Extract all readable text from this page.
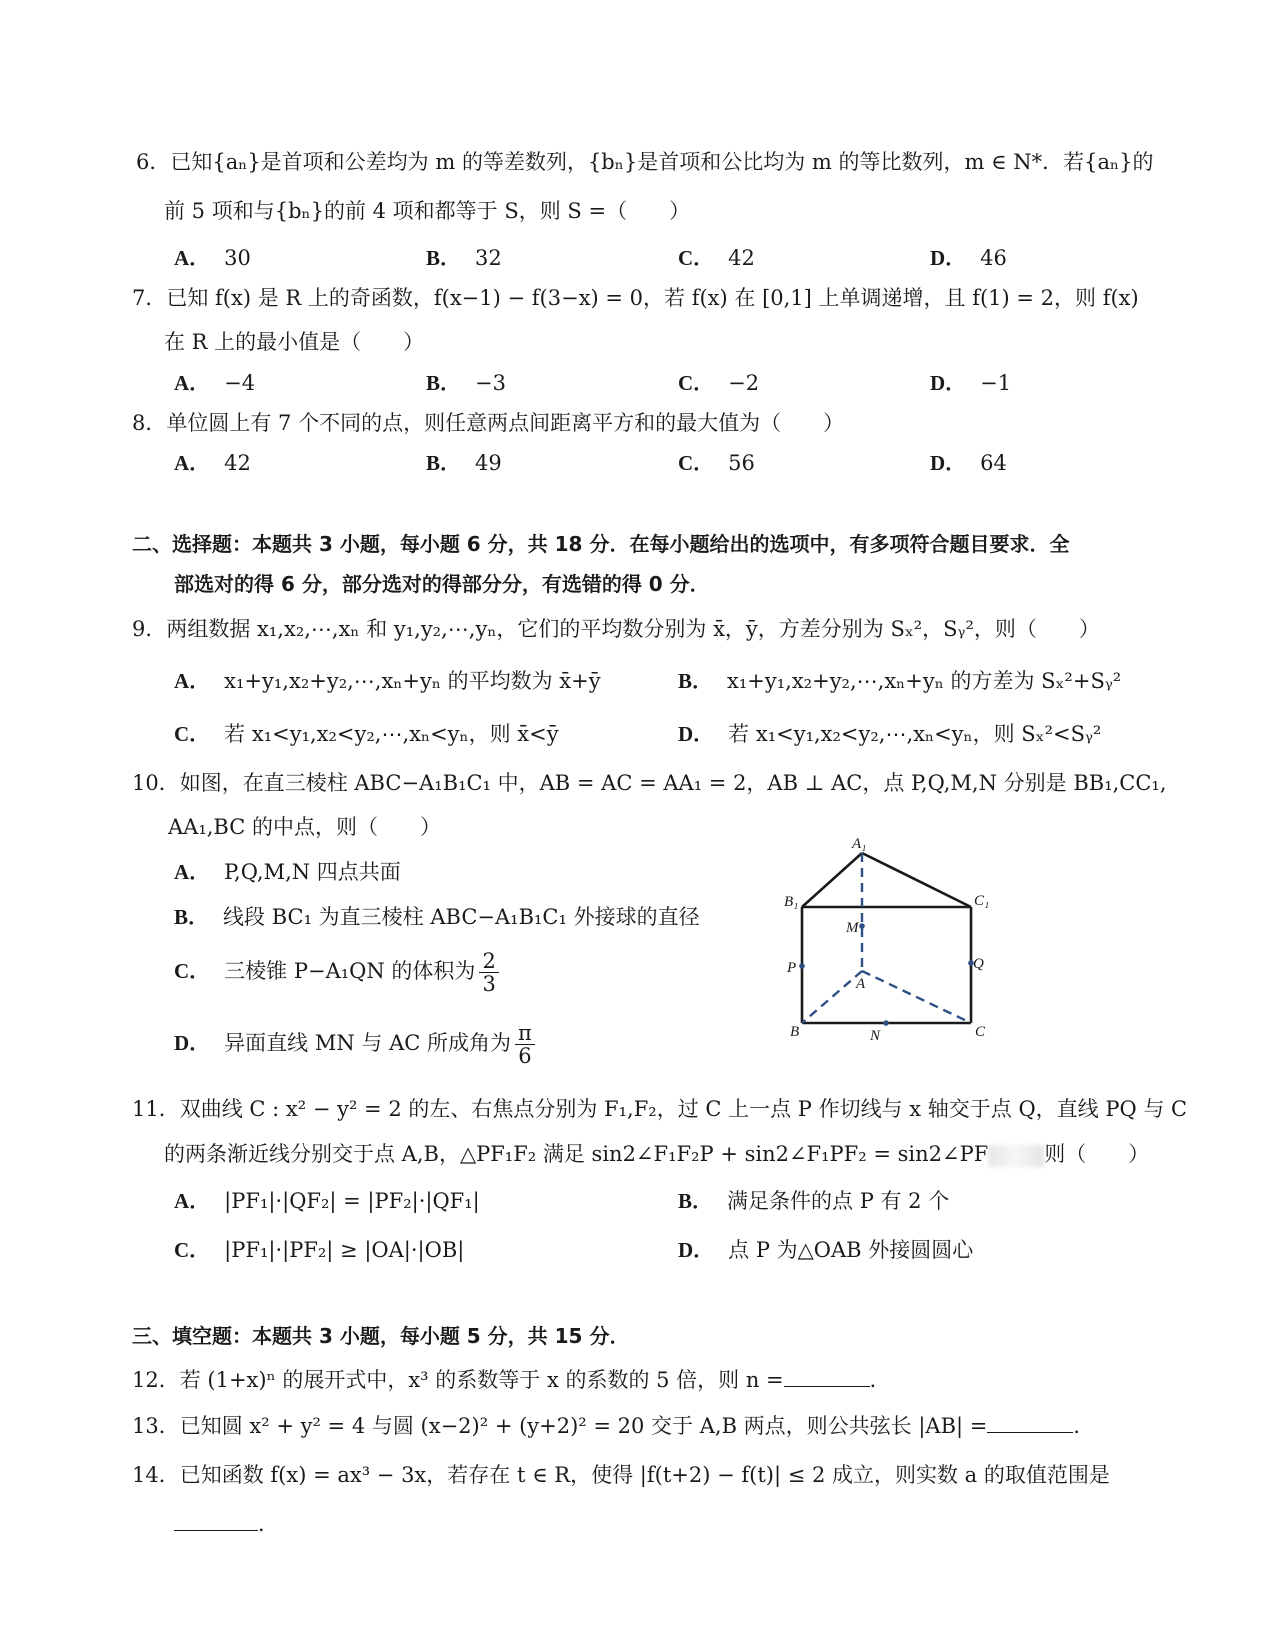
6．已知{aₙ}是首项和公差均为 m 的等差数列，{bₙ}是首项和公比均为 m 的等比数列，m ∈ N*．若{aₙ}的
前 5 项和与{bₙ}的前 4 项和都等于 S，则 S =（　　）
A． 30	B． 32	C． 42	D． 46
7．已知 f(x) 是 R 上的奇函数，f(x−1) − f(3−x) = 0，若 f(x) 在 [0,1] 上单调递增，且 f(1) = 2，则 f(x)
在 R 上的最小值是（　　）
A． −4	B． −3	C． −2	D． −1
8．单位圆上有 7 个不同的点，则任意两点间距离平方和的最大值为（　　）
A． 42	B． 49	C． 56	D． 64
二、选择题：本题共 3 小题，每小题 6 分，共 18 分．在每小题给出的选项中，有多项符合题目要求．全
部选对的得 6 分，部分选对的得部分分，有选错的得 0 分．
9．两组数据 x₁,x₂,⋯,xₙ 和 y₁,y₂,⋯,yₙ，它们的平均数分别为 x̄，ȳ，方差分别为 Sₓ²，Sᵧ²，则（　　）
A． x₁+y₁,x₂+y₂,⋯,xₙ+yₙ 的平均数为 x̄+ȳ	B． x₁+y₁,x₂+y₂,⋯,xₙ+yₙ 的方差为 Sₓ²+Sᵧ²
C． 若 x₁<y₁,x₂<y₂,⋯,xₙ<yₙ，则 x̄<ȳ	D． 若 x₁<y₁,x₂<y₂,⋯,xₙ<yₙ，则 Sₓ²<Sᵧ²
10．如图，在直三棱柱 ABC−A₁B₁C₁ 中，AB = AC = AA₁ = 2，AB ⊥ AC，点 P,Q,M,N 分别是 BB₁,CC₁,
AA₁,BC 的中点，则（　　）
A． P,Q,M,N 四点共面
B． 线段 BC₁ 为直三棱柱 ABC−A₁B₁C₁ 外接球的直径
C． 三棱锥 P−A₁QN 的体积为 $\frac{2}{3}$
D． 异面直线 MN 与 AC 所成角为 $\frac{\pi}{6}$
A₁
B₁	C₁
M
P	Q
A
B	N	C
11．双曲线 C : x² − y² = 2 的左、右焦点分别为 F₁,F₂，过 C 上一点 P 作切线与 x 轴交于点 Q，直线 PQ 与 C
的两条渐近线分别交于点 A,B，△PF₁F₂ 满足 sin2∠F₁F₂P + sin2∠F₁PF₂ = sin2∠PF	则（　　）
A． |PF₁|·|QF₂| = |PF₂|·|QF₁|	B． 满足条件的点 P 有 2 个
C． |PF₁|·|PF₂| ≥ |OA|·|OB|	D． 点 P 为△OAB 外接圆圆心
三、填空题：本题共 3 小题，每小题 5 分，共 15 分．
12．若 (1+x)ⁿ 的展开式中，x³ 的系数等于 x 的系数的 5 倍，则 n =	．
13．已知圆 x² + y² = 4 与圆 (x−2)² + (y+2)² = 20 交于 A,B 两点，则公共弦长 |AB| =	．
14．已知函数 f(x) = ax³ − 3x，若存在 t ∈ R，使得 |f(t+2) − f(t)| ≤ 2 成立，则实数 a 的取值范围是
．
